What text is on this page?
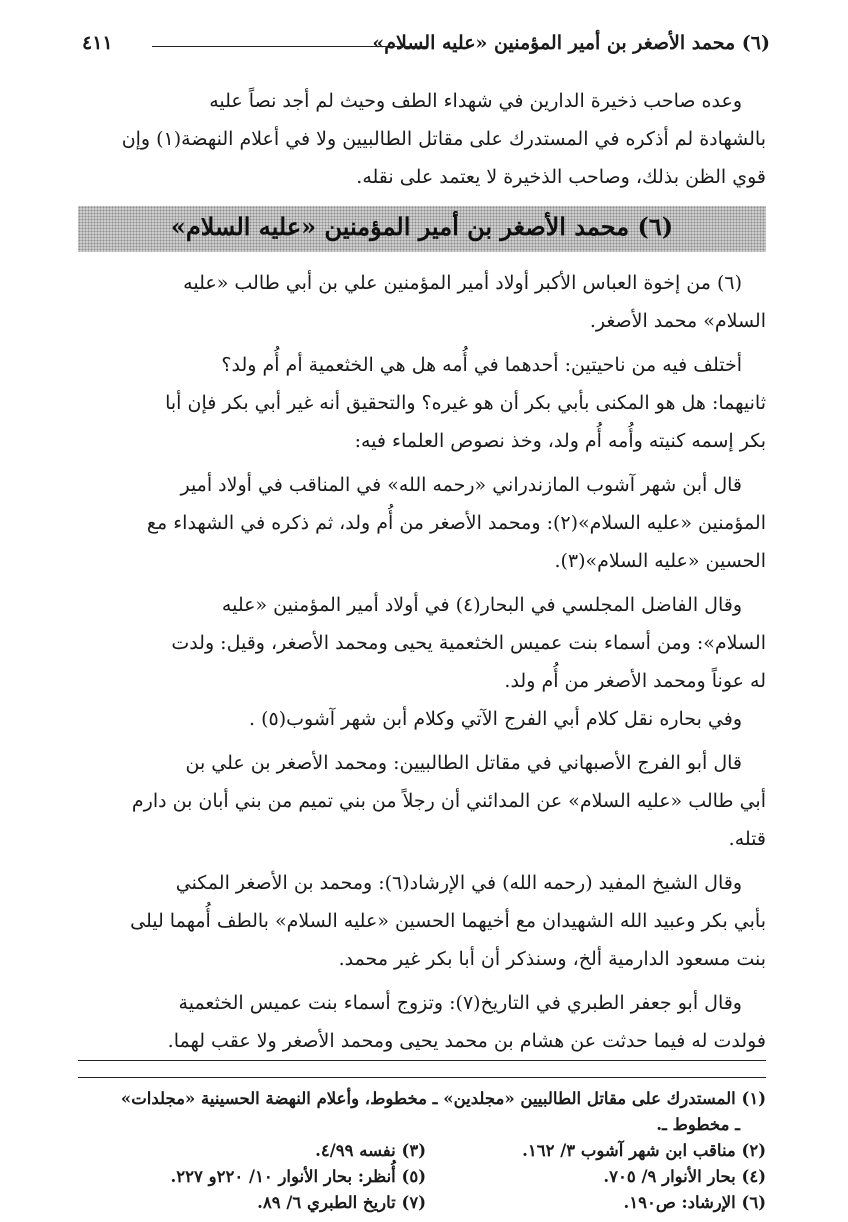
(٦) محمد الأصغر بن أمير المؤمنين «عليه السلام»
٤١١

وعده صاحب ذخيرة الدارين في شهداء الطف وحيث لم أجد نصاً عليه

بالشهادة لم أذكره في المستدرك على مقاتل الطالبيين ولا في أعلام النهضة(١) وإن

قوي الظن بذلك، وصاحب الذخيرة لا يعتمد على نقله.

(٦) محمد الأصغر بن أمير المؤمنين «عليه السلام»

(٦) من إخوة العباس الأكبر أولاد أمير المؤمنين علي بن أبي طالب «عليه

السلام» محمد الأصغر.

أختلف فيه من ناحيتين: أحدهما في أُمه هل هي الخثعمية أم أُم ولد؟

ثانيهما: هل هو المكنى بأبي بكر أن هو غيره؟ والتحقيق أنه غير أبي بكر فإن أبا

بكر إسمه كنيته وأُمه أُم ولد، وخذ نصوص العلماء فيه:

قال أبن شهر آشوب المازندراني «رحمه الله» في المناقب في أولاد أمير

المؤمنين «عليه السلام»(٢): ومحمد الأصغر من أُم ولد، ثم ذكره في الشهداء مع

الحسين «عليه السلام»(٣).

وقال الفاضل المجلسي في البحار(٤) في أولاد أمير المؤمنين «عليه

السلام»: ومن أسماء بنت عميس الخثعمية يحيى ومحمد الأصغر، وقيل: ولدت

له عوناً ومحمد الأصغر من أُم ولد.

وفي بحاره نقل كلام أبي الفرج الآتي وكلام أبن شهر آشوب(٥) .

قال أبو الفرج الأصبهاني في مقاتل الطالبيين: ومحمد الأصغر بن علي بن

أبي طالب «عليه السلام» عن المدائني أن رجلاً من بني تميم من بني أبان بن دارم

قتله.

وقال الشيخ المفيد (رحمه الله) في الإرشاد(٦): ومحمد بن الأصغر المكني

بأبي بكر وعبيد الله الشهيدان مع أخيهما الحسين «عليه السلام» بالطف أُمهما ليلى

بنت مسعود الدارمية ألخ، وسنذكر أن أبا بكر غير محمد.

وقال أبو جعفر الطبري في التاريخ(٧): وتزوج أسماء بنت عميس الخثعمية

فولدت له فيما حدثت عن هشام بن محمد يحيى ومحمد الأصغر ولا عقب لهما.

(١) المستدرك على مقاتل الطالبيين «مجلدين» ـ مخطوط، وأعلام النهضة الحسينية «مجلدات»

ـ مخطوط ـ.

(٢) مناقب ابن شهر آشوب ٣/ ١٦٢.
(٣) نفسه ٤/٩٩.
(٤) بحار الأنوار ٩/ ٧٠٥.
(٥) أُنظر: بحار الأنوار ١٠/ ٢٢٠و ٢٢٧.
(٦) الإرشاد: ص١٩٠.
(٧) تاريخ الطبري ٦/ ٨٩.
